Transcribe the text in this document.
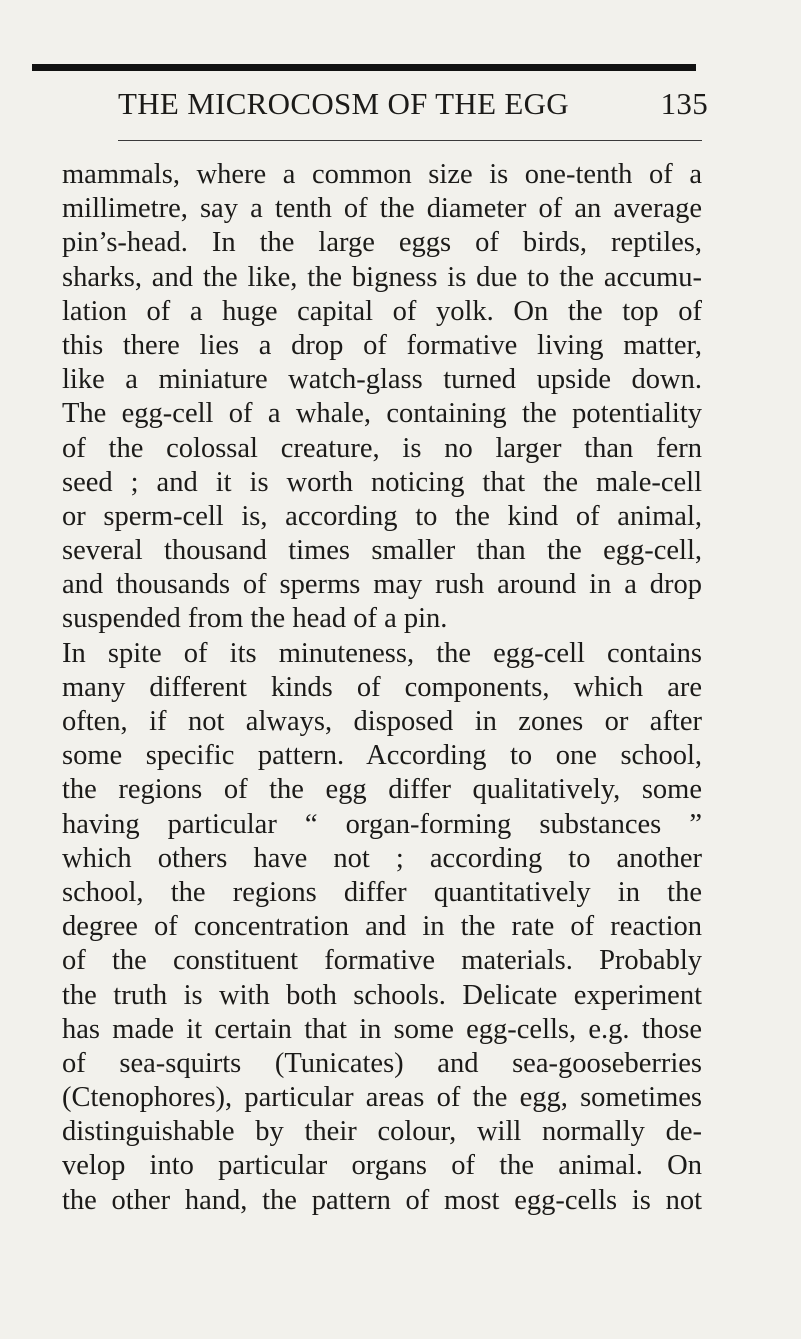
THE MICROCOSM OF THE EGG	135
mammals, where a common size is one-tenth of a
millimetre, say a tenth of the diameter of an average
pin’s-head. In the large eggs of birds, reptiles,
sharks, and the like, the bigness is due to the accumu-
lation of a huge capital of yolk. On the top of
this there lies a drop of formative living matter,
like a miniature watch-glass turned upside down.
The egg-cell of a whale, containing the potentiality
of the colossal creature, is no larger than fern
seed ; and it is worth noticing that the male-cell
or sperm-cell is, according to the kind of animal,
several thousand times smaller than the egg-cell,
and thousands of sperms may rush around in a drop
suspended from the head of a pin.
In spite of its minuteness, the egg-cell contains
many different kinds of components, which are
often, if not always, disposed in zones or after
some specific pattern. According to one school,
the regions of the egg differ qualitatively, some
having particular “ organ-forming substances ”
which others have not ; according to another
school, the regions differ quantitatively in the
degree of concentration and in the rate of reaction
of the constituent formative materials. Probably
the truth is with both schools. Delicate experiment
has made it certain that in some egg-cells, e.g. those
of sea-squirts (Tunicates) and sea-gooseberries
(Ctenophores), particular areas of the egg, sometimes
distinguishable by their colour, will normally de-
velop into particular organs of the animal. On
the other hand, the pattern of most egg-cells is not
